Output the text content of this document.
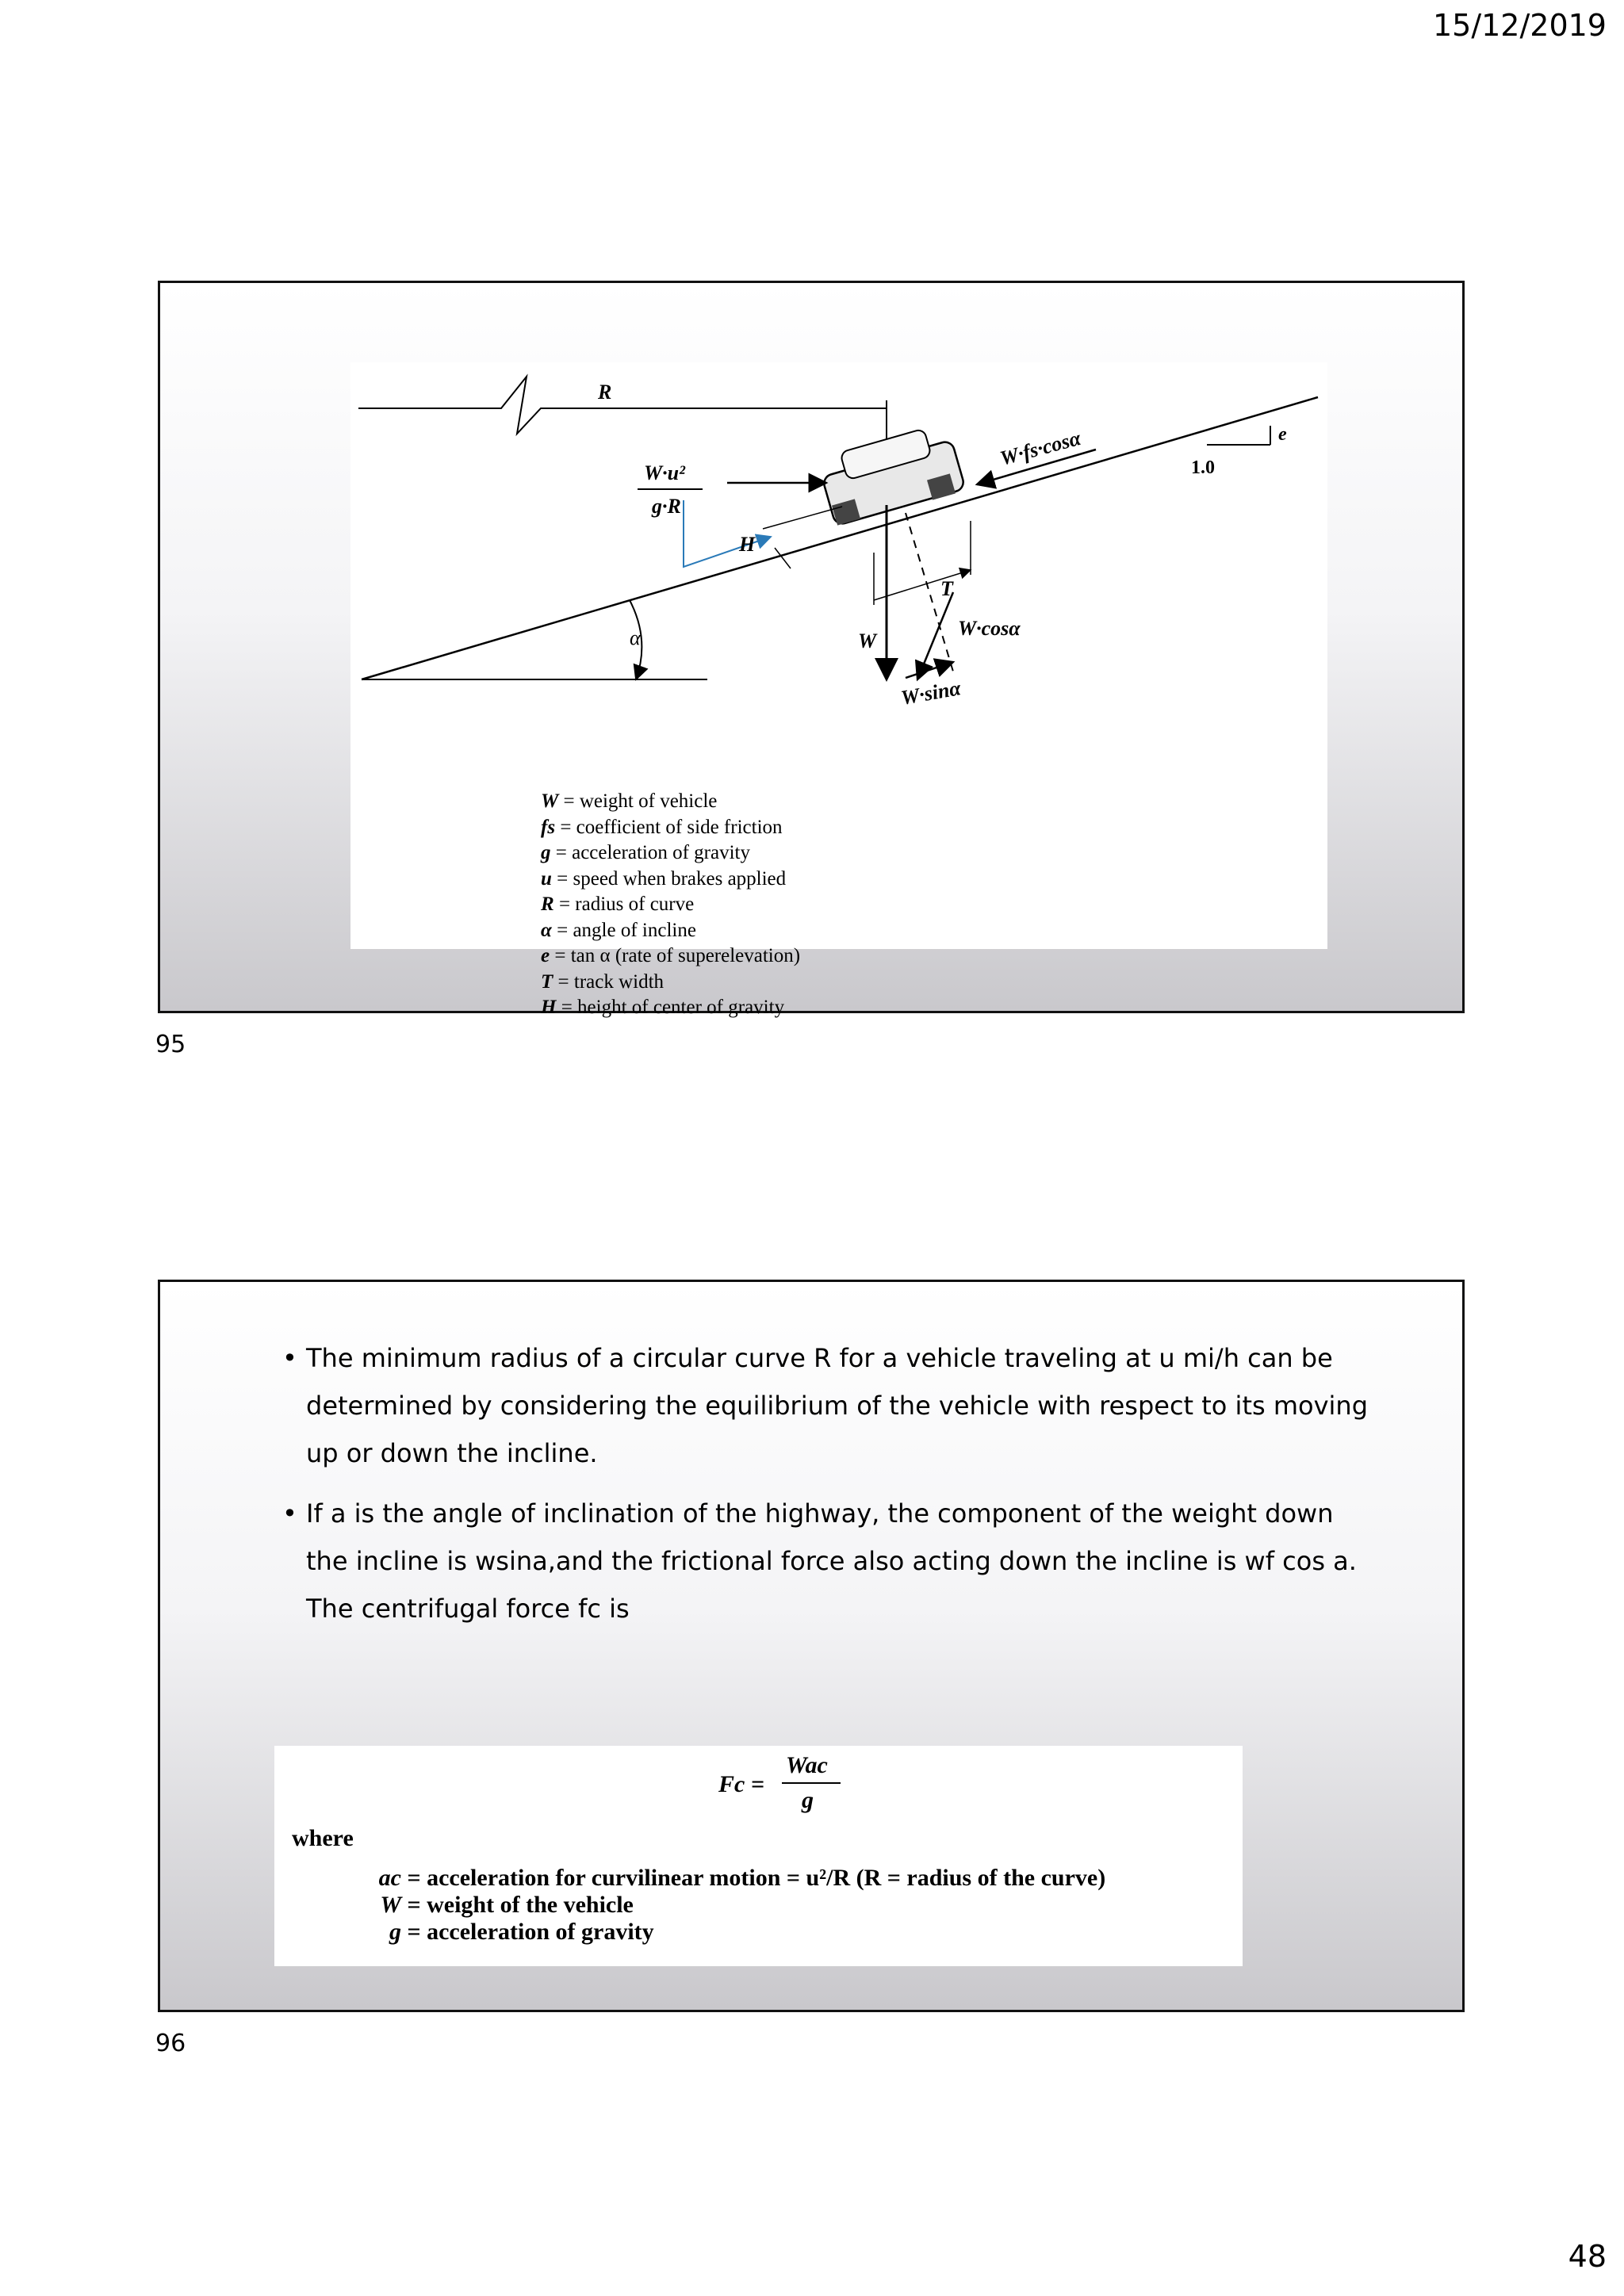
15/12/2019
R
W·u²
g·R
H
T
W
W·cosα
W·sinα
W·fs·cosα	e
1.0
α
W = weight of vehicle
fs = coefficient of side friction
g = acceleration of gravity
u = speed when brakes applied
R = radius of curve
α = angle of incline
e = tan α (rate of superelevation)
T = track width
H = height of center of gravity
95
• The minimum radius of a circular curve R for a vehicle traveling at u mi/h can be determined by considering the equilibrium of the vehicle with respect to its moving up or down the incline.
• If a is the angle of inclination of the highway, the component of the weight down the incline is wsina,and the frictional force also acting down the incline is wf cos a. The centrifugal force fc is
Fc =
Wac
g
where
ac = acceleration for curvilinear motion = u²/R (R = radius of the curve)
W = weight of the vehicle
g = acceleration of gravity
96
48
